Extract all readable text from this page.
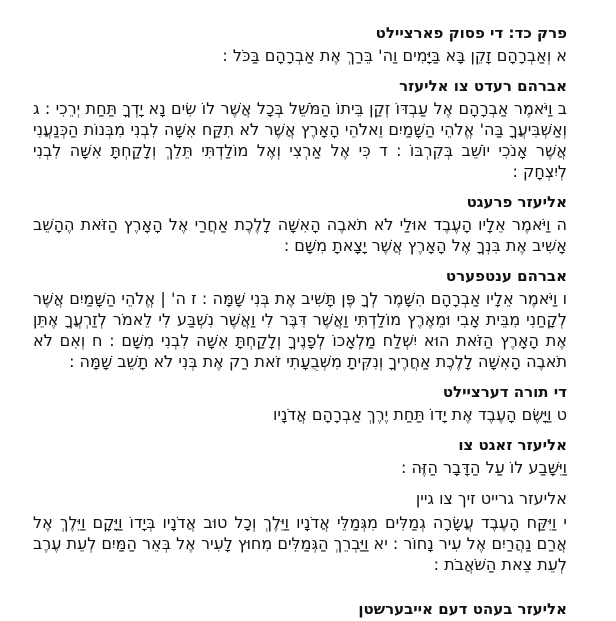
פרק כד: די פסוק פארציילט

א וְאַבְרָהָם זָקֵן בָּא בַּיָּמִים וַה' בֵּרַךְ אֶת אַבְרָהָם בַּכֹּל :

אברהם רעדט צו אליעזר

ב וַיֹּאמֶר אַבְרָהָם אֶל עַבְדּוֹ זְקַן בֵּיתוֹ הַמֹּשֵׁל בְּכָל אֲשֶׁר לוֹ שִׂים נָא יָדְךָ תַּחַת יְרֵכִי : ג וְאַשְׁבִּיעֲךָ בַּה' אֱלֹהֵי הַשָּׁמַיִם וֵאלֹהֵי הָאָרֶץ אֲשֶׁר לֹא תִקַּח אִשָּׁה לִבְנִי מִבְּנוֹת הַכְּנַעֲנִי אֲשֶׁר אָנֹכִי יוֹשֵׁב בְּקִרְבּוֹ : ד כִּי אֶל אַרְצִי וְאֶל מוֹלַדְתִּי תֵּלֵךְ וְלָקַחְתָּ אִשָּׁה לִבְנִי לְיִצְחָק :

אליעזר פרעגט

ה וַיֹּאמֶר אֵלָיו הָעֶבֶד אוּלַי לֹא תֹאבֶה הָאִשָּׁה לָלֶכֶת אַחֲרַי אֶל הָאָרֶץ הַזֹּאת הֶהָשֵׁב אָשִׁיב אֶת בִּנְךָ אֶל הָאָרֶץ אֲשֶׁר יָצָאתָ מִשָּׁם :

אברהם ענטפערט

ו וַיֹּאמֶר אֵלָיו אַבְרָהָם הִשָּׁמֶר לְךָ פֶּן תָּשִׁיב אֶת בְּנִי שָׁמָּה : ז ה' | אֱלֹהֵי הַשָּׁמַיִם אֲשֶׁר לְקָחַנִי מִבֵּית אָבִי וּמֵאֶרֶץ מוֹלַדְתִּי וַאֲשֶׁר דִּבֶּר לִי וַאֲשֶׁר נִשְׁבַּע לִי לֵאמֹר לְזַרְעֲךָ אֶתֵּן אֶת הָאָרֶץ הַזֹּאת הוּא יִשְׁלַח מַלְאָכוֹ לְפָנֶיךָ וְלָקַחְתָּ אִשָּׁה לִבְנִי מִשָּׁם : ח וְאִם לֹא תֹאבֶה הָאִשָּׁה לָלֶכֶת אַחֲרֶיךָ וְנִקִּיתָ מִשְּׁבֻעָתִי זֹאת רַק אֶת בְּנִי לֹא תָשֵׁב שָׁמָּה :

די תורה דערציילט

ט וַיָּשֶׂם הָעֶבֶד אֶת יָדוֹ תַּחַת יֶרֶךְ אַבְרָהָם אֲדֹנָיו

אליעזר זאגט צו

וַיִּשָּׁבַע לוֹ עַל הַדָּבָר הַזֶּה :

אליעזר גרייט זיך צו גיין

י וַיִּקַּח הָעֶבֶד עֲשָׂרָה גְמַלִּים מִגְּמַלֵּי אֲדֹנָיו וַיֵּלֶךְ וְכָל טוּב אֲדֹנָיו בְּיָדוֹ וַיָּקָם וַיֵּלֶךְ אֶל אֲרַם נַהֲרַיִם אֶל עִיר נָחוֹר : יא וַיַּבְרֵךְ הַגְּמַלִּים מִחוּץ לָעִיר אֶל בְּאֵר הַמַּיִם לְעֵת עֶרֶב לְעֵת צֵאת הַשֹּׁאֲבֹת :

אליעזר בעהט דעם אייבערשטן
